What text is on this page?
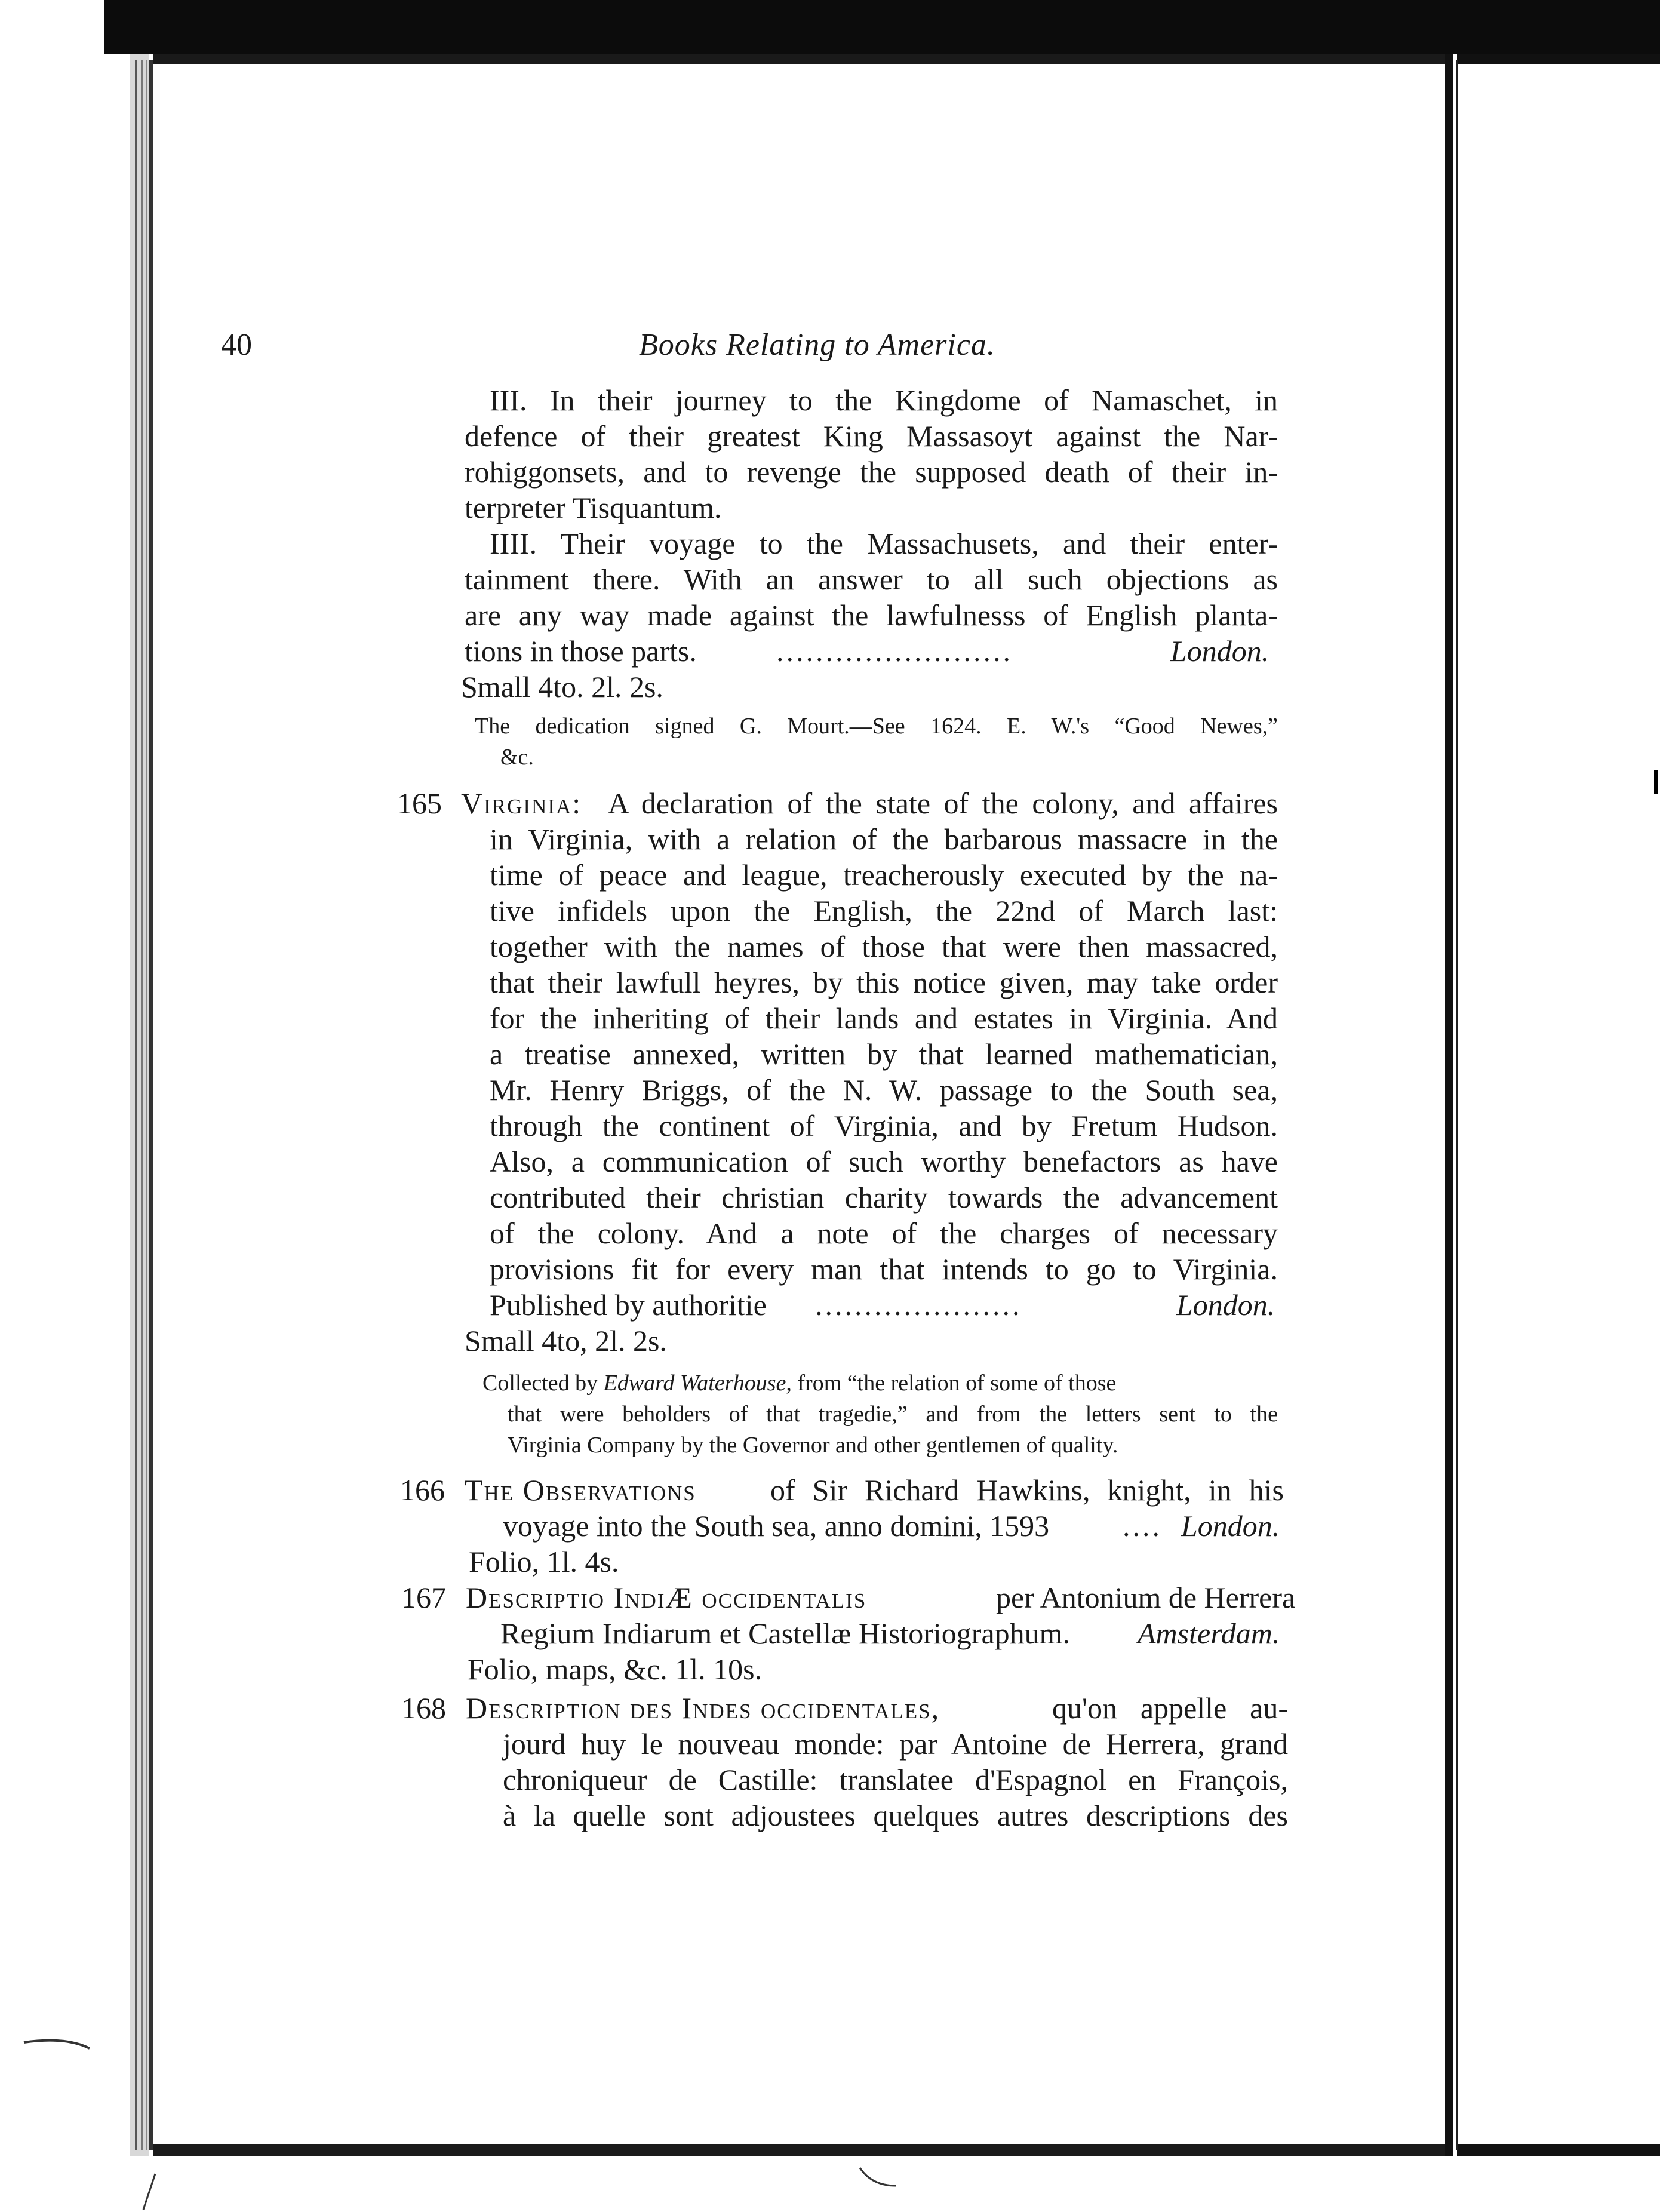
40	Books Relating to America.
III. In their journey to the Kingdome of Namaschet, in
defence of their greatest King Massasoyt against the Nar-
rohiggonsets, and to revenge the supposed death of their in-
terpreter Tisquantum.
IIII. Their voyage to the Massachusets, and their enter-
tainment there. With an answer to all such objections as
are any way made against the lawfulnesss of English planta-
tions in those parts.	........................	London.
Small 4to. 2l. 2s.
The dedication signed G. Mourt.—See 1624. E. W.'s “Good Newes,”
&c.
165 Virginia: A declaration of the state of the colony, and affaires
in Virginia, with a relation of the barbarous massacre in the
time of peace and league, treacherously executed by the na-
tive infidels upon the English, the 22nd of March last:
together with the names of those that were then massacred,
that their lawfull heyres, by this notice given, may take order
for the inheriting of their lands and estates in Virginia. And
a treatise annexed, written by that learned mathematician,
Mr. Henry Briggs, of the N. W. passage to the South sea,
through the continent of Virginia, and by Fretum Hudson.
Also, a communication of such worthy benefactors as have
contributed their christian charity towards the advancement
of the colony. And a note of the charges of necessary
provisions fit for every man that intends to go to Virginia.
Published by authoritie	.....................	London.
Small 4to, 2l. 2s.
Collected by Edward Waterhouse, from “the relation of some of those
that were beholders of that tragedie,” and from the letters sent to the
Virginia Company by the Governor and other gentlemen of quality.
166 The Observations	of Sir Richard Hawkins, knight, in his
voyage into the South sea, anno domini, 1593	.... London.
Folio, 1l. 4s.
167 Descriptio IndiÆ occidentalis	per Antonium de Herrera
Regium Indiarum et Castellæ Historiographum.	Amsterdam.
Folio, maps, &c. 1l. 10s.
168 Description des Indes occidentales,	qu'on appelle au-
jourd huy le nouveau monde: par Antoine de Herrera, grand
chroniqueur de Castille: translatee d'Espagnol en François,
à la quelle sont adjoustees quelques autres descriptions des
